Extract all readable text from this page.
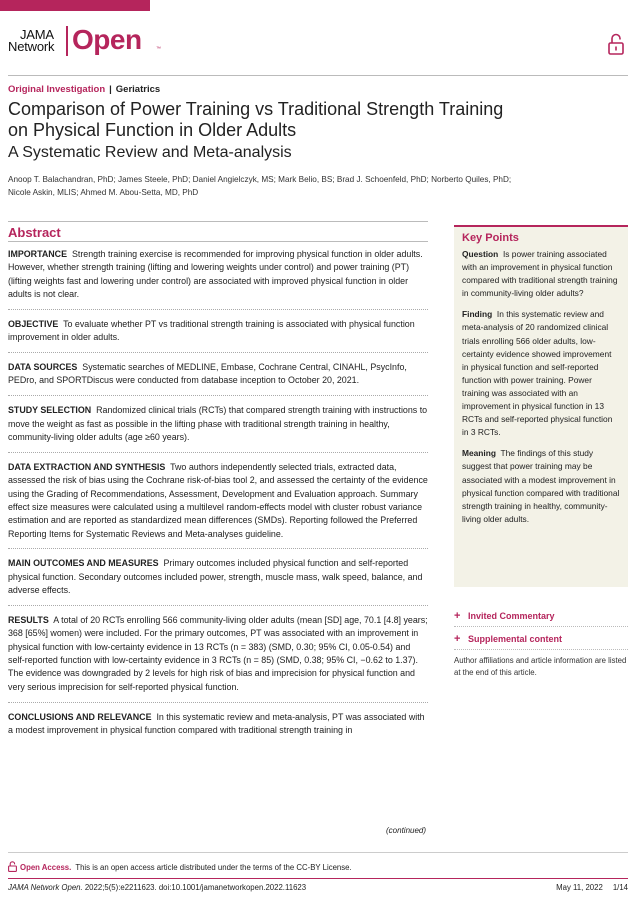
JAMA
Network Open	™
Original Investigation | Geriatrics
Comparison of Power Training vs Traditional Strength Training
on Physical Function in Older Adults
A Systematic Review and Meta-analysis
Anoop T. Balachandran, PhD; James Steele, PhD; Daniel Angielczyk, MS; Mark Belio, BS; Brad J. Schoenfeld, PhD; Norberto Quiles, PhD;
Nicole Askin, MLIS; Ahmed M. Abou-Setta, MD, PhD
Abstract
IMPORTANCE Strength training exercise is recommended for improving physical function in older adults. However, whether strength training (lifting and lowering weights under control) and power training (PT) (lifting weights fast and lowering under control) are associated with improved physical function in older adults is not clear.
OBJECTIVE To evaluate whether PT vs traditional strength training is associated with physical function improvement in older adults.
DATA SOURCES Systematic searches of MEDLINE, Embase, Cochrane Central, CINAHL, PsycInfo, PEDro, and SPORTDiscus were conducted from database inception to October 20, 2021.
STUDY SELECTION Randomized clinical trials (RCTs) that compared strength training with instructions to move the weight as fast as possible in the lifting phase with traditional strength training in healthy, community-living older adults (age ≥60 years).
DATA EXTRACTION AND SYNTHESIS Two authors independently selected trials, extracted data, assessed the risk of bias using the Cochrane risk-of-bias tool 2, and assessed the certainty of the evidence using the Grading of Recommendations, Assessment, Development and Evaluation approach. Summary effect size measures were calculated using a multilevel random-effects model with cluster robust variance estimation and are reported as standardized mean differences (SMDs). Reporting followed the Preferred Reporting Items for Systematic Reviews and Meta-analyses guideline.
MAIN OUTCOMES AND MEASURES Primary outcomes included physical function and self-reported physical function. Secondary outcomes included power, strength, muscle mass, walk speed, balance, and adverse effects.
RESULTS A total of 20 RCTs enrolling 566 community-living older adults (mean [SD] age, 70.1 [4.8] years; 368 [65%] women) were included. For the primary outcomes, PT was associated with an improvement in physical function with low-certainty evidence in 13 RCTs (n = 383) (SMD, 0.30; 95% CI, 0.05-0.54) and self-reported function with low-certainty evidence in 3 RCTs (n = 85) (SMD, 0.38; 95% CI, −0.62 to 1.37). The evidence was downgraded by 2 levels for high risk of bias and imprecision for physical function and very serious imprecision for self-reported physical function.
CONCLUSIONS AND RELEVANCE In this systematic review and meta-analysis, PT was associated with a modest improvement in physical function compared with traditional strength training in
(continued)
Key Points
Question Is power training associated with an improvement in physical function compared with traditional strength training in community-living older adults?
Finding In this systematic review and meta-analysis of 20 randomized clinical trials enrolling 566 older adults, low-certainty evidence showed improvement in physical function and self-reported function with power training. Power training was associated with an improvement in physical function in 13 RCTs and self-reported physical function in 3 RCTs.
Meaning The findings of this study suggest that power training may be associated with a modest improvement in physical function compared with traditional strength training in healthy, community-living older adults.
+ Invited Commentary
+ Supplemental content
Author affiliations and article information are listed at the end of this article.
Open Access. This is an open access article distributed under the terms of the CC-BY License.
JAMA Network Open. 2022;5(5):e2211623. doi:10.1001/jamanetworkopen.2022.11623	May 11, 2022 1/14
